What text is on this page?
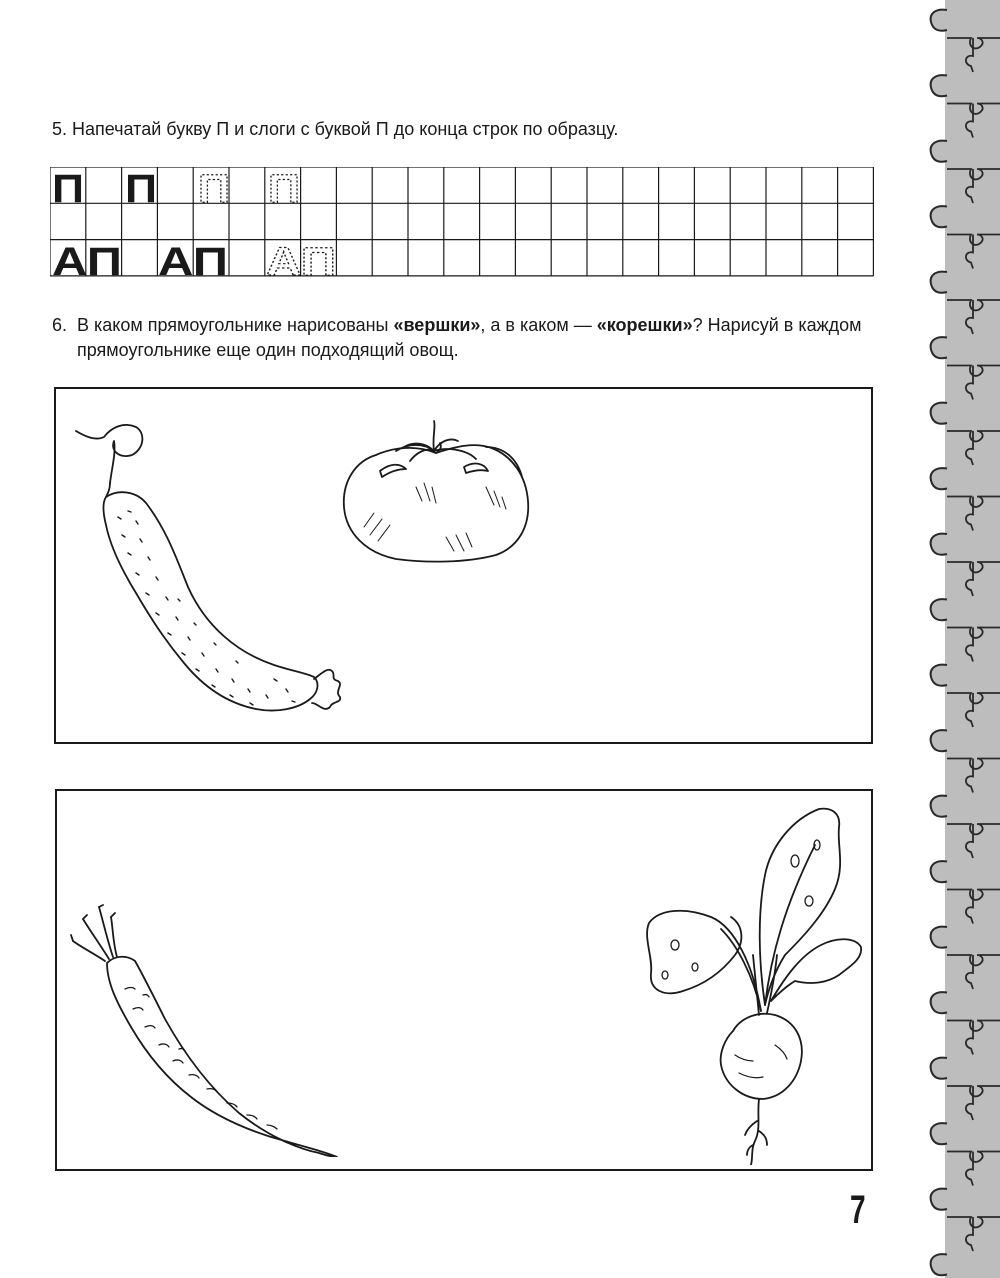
5. Напечатай букву П и слоги с буквой П до конца строк по образцу.
П П П П
АП АП АП
6. В каком прямоугольнике нарисованы «вершки», а в каком — «корешки»? Нарисуй в каждом прямоугольнике еще один подходящий овощ.
7
